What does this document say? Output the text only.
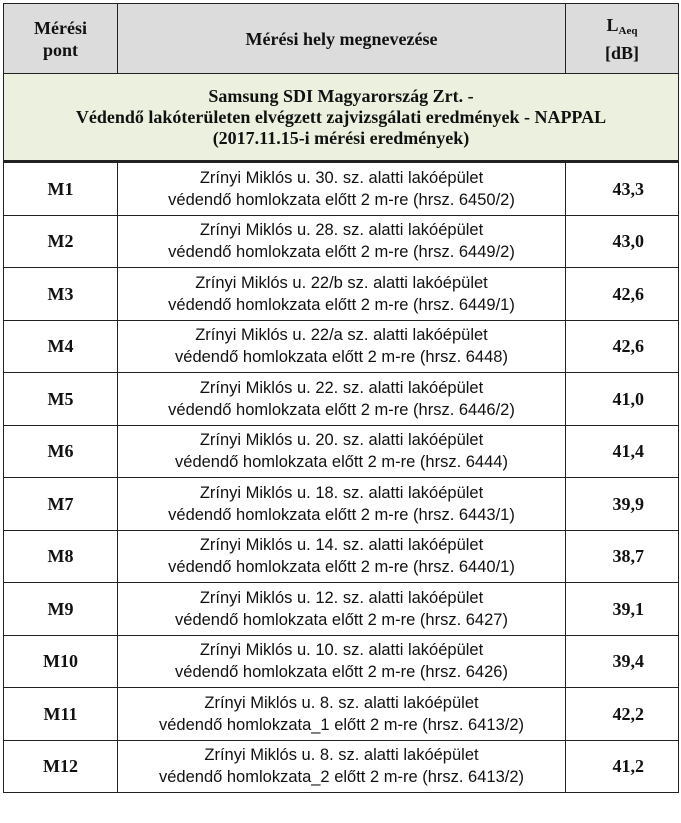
Mérési
pont	Mérési hely megnevezése	$L_{Aeq}$
[dB]

Samsung SDI Magyarország Zrt. -
Védendő lakóterületen elvégzett zajvizsgálati eredmények - NAPPAL
(2017.11.15-i mérési eredmények)		

M1	Zrínyi Miklós u. 30. sz. alatti lakóépület
védendő homlokzata előtt 2 m-re (hrsz. 6450/2)	43,3
M2	Zrínyi Miklós u. 28. sz. alatti lakóépület
védendő homlokzata előtt 2 m-re (hrsz. 6449/2)	43,0
M3	Zrínyi Miklós u. 22/b sz. alatti lakóépület
védendő homlokzata előtt 2 m-re (hrsz. 6449/1)	42,6
M4	Zrínyi Miklós u. 22/a sz. alatti lakóépület
védendő homlokzata előtt 2 m-re (hrsz. 6448)	42,6
M5	Zrínyi Miklós u. 22. sz. alatti lakóépület
védendő homlokzata előtt 2 m-re (hrsz. 6446/2)	41,0
M6	Zrínyi Miklós u. 20. sz. alatti lakóépület
védendő homlokzata előtt 2 m-re (hrsz. 6444)	41,4
M7	Zrínyi Miklós u. 18. sz. alatti lakóépület
védendő homlokzata előtt 2 m-re (hrsz. 6443/1)	39,9
M8	Zrínyi Miklós u. 14. sz. alatti lakóépület
védendő homlokzata előtt 2 m-re (hrsz. 6440/1)	38,7
M9	Zrínyi Miklós u. 12. sz. alatti lakóépület
védendő homlokzata előtt 2 m-re (hrsz. 6427)	39,1
M10	Zrínyi Miklós u. 10. sz. alatti lakóépület
védendő homlokzata előtt 2 m-re (hrsz. 6426)	39,4
M11	Zrínyi Miklós u. 8. sz. alatti lakóépület
védendő homlokzata_1 előtt 2 m-re (hrsz. 6413/2)	42,2
M12	Zrínyi Miklós u. 8. sz. alatti lakóépület
védendő homlokzata_2 előtt 2 m-re (hrsz. 6413/2)	41,2
